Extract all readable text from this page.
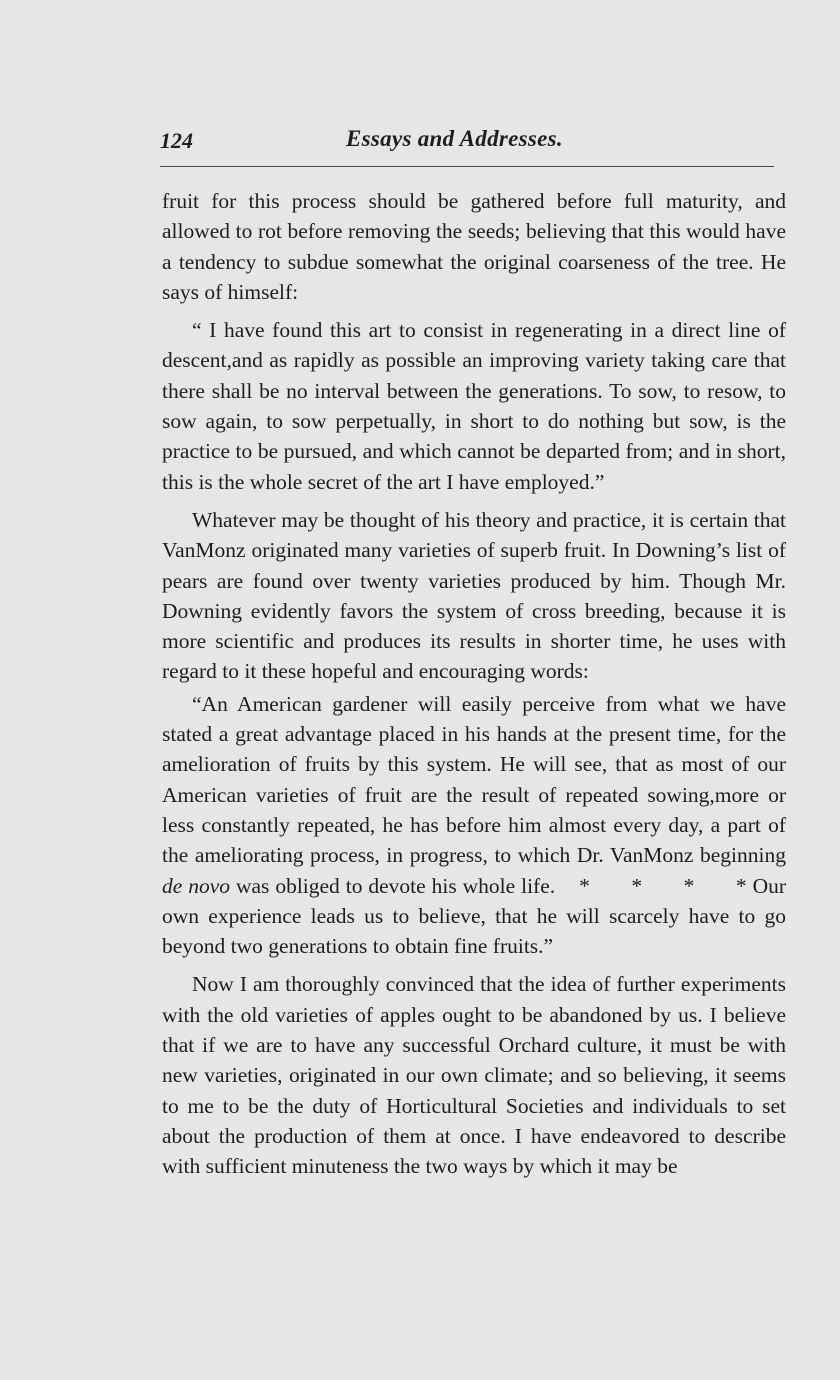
124	Essays and Addresses.

fruit for this process should be gathered before full maturity, and allowed to rot before removing the seeds; believing that this would have a tendency to subdue somewhat the original coarseness of the tree. He says of himself:

“ I have found this art to consist in regenerating in a direct line of descent,and as rapidly as possible an improving variety taking care that there shall be no interval between the generations. To sow, to resow, to sow again, to sow perpetually, in short to do nothing but sow, is the practice to be pursued, and which cannot be departed from; and in short, this is the whole secret of the art I have employed.”

Whatever may be thought of his theory and practice, it is certain that VanMonz originated many varieties of superb fruit. In Downing’s list of pears are found over twenty varieties produced by him. Though Mr. Downing evidently favors the system of cross breeding, because it is more scientific and produces its results in shorter time, he uses with regard to it these hopeful and encouraging words:

“An American gardener will easily perceive from what we have stated a great advantage placed in his hands at the present time, for the amelioration of fruits by this system. He will see, that as most of our American varieties of fruit are the result of repeated sowing,more or less constantly repeated, he has before him almost every day, a part of the ameliorating process, in progress, to which Dr. VanMonz beginning de novo was obliged to devote his whole life. *       *       *       * Our own experience leads us to believe, that he will scarcely have to go beyond two generations to obtain fine fruits.”

Now I am thoroughly convinced that the idea of further experiments with the old varieties of apples ought to be abandoned by us. I believe that if we are to have any successful Orchard culture, it must be with new varieties, originated in our own climate; and so believing, it seems to me to be the duty of Horticultural Societies and individuals to set about the production of them at once. I have endeavored to describe with sufficient minuteness the two ways by which it may be
